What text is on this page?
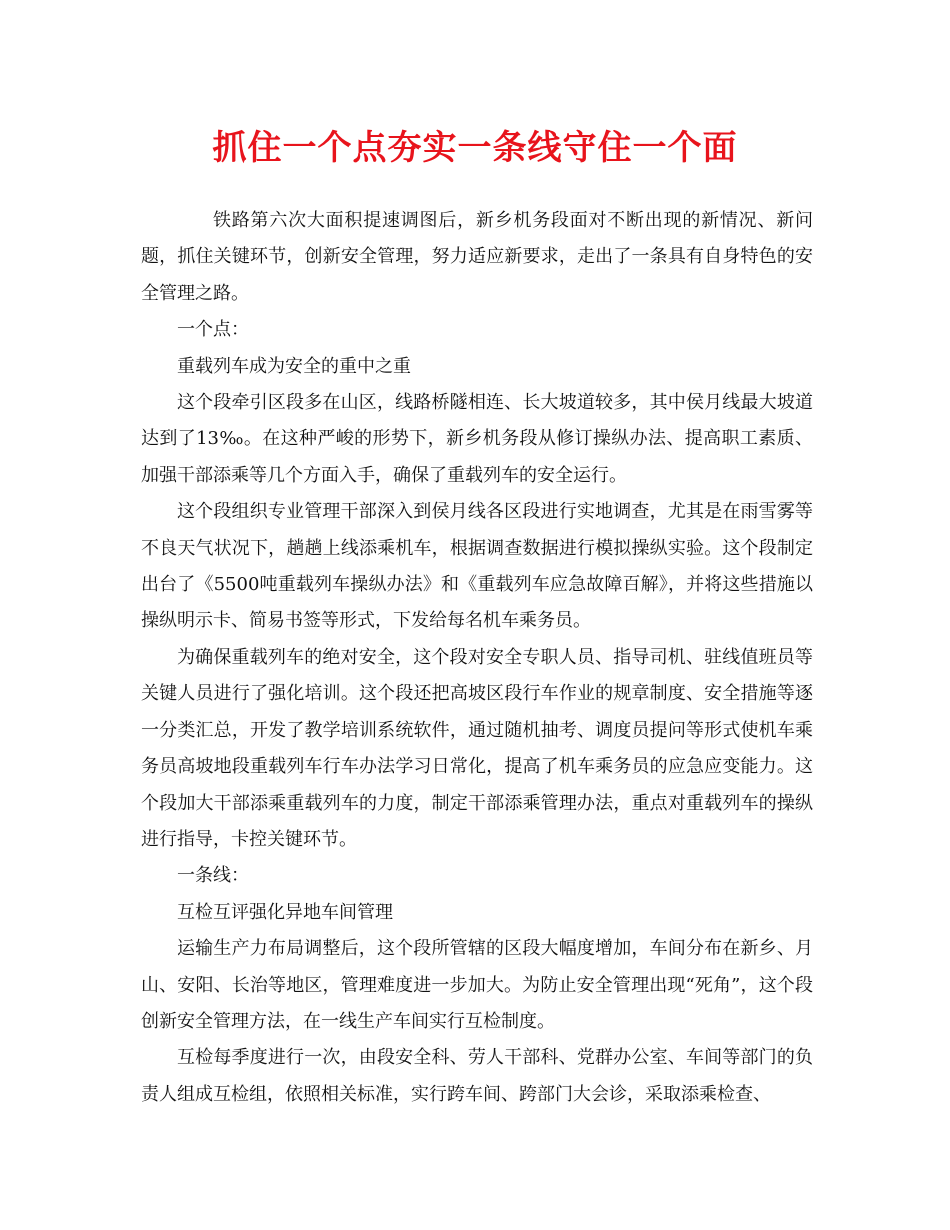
抓住一个点夯实一条线守住一个面

铁路第六次大面积提速调图后，新乡机务段面对不断出现的新情况、新问题，抓住关键环节，创新安全管理，努力适应新要求，走出了一条具有自身特色的安全管理之路。

一个点：

重载列车成为安全的重中之重

这个段牵引区段多在山区，线路桥隧相连、长大坡道较多，其中侯月线最大坡道达到了13‰。在这种严峻的形势下，新乡机务段从修订操纵办法、提高职工素质、加强干部添乘等几个方面入手，确保了重载列车的安全运行。

这个段组织专业管理干部深入到侯月线各区段进行实地调查，尤其是在雨雪雾等不良天气状况下，趟趟上线添乘机车，根据调查数据进行模拟操纵实验。这个段制定出台了《5500吨重载列车操纵办法》和《重载列车应急故障百解》，并将这些措施以操纵明示卡、简易书签等形式，下发给每名机车乘务员。

为确保重载列车的绝对安全，这个段对安全专职人员、指导司机、驻线值班员等关键人员进行了强化培训。这个段还把高坡区段行车作业的规章制度、安全措施等逐一分类汇总，开发了教学培训系统软件，通过随机抽考、调度员提问等形式使机车乘务员高坡地段重载列车行车办法学习日常化，提高了机车乘务员的应急应变能力。这个段加大干部添乘重载列车的力度，制定干部添乘管理办法，重点对重载列车的操纵进行指导，卡控关键环节。

一条线：

互检互评强化异地车间管理

运输生产力布局调整后，这个段所管辖的区段大幅度增加，车间分布在新乡、月山、安阳、长治等地区，管理难度进一步加大。为防止安全管理出现“死角”，这个段创新安全管理方法，在一线生产车间实行互检制度。

互检每季度进行一次，由段安全科、劳人干部科、党群办公室、车间等部门的负责人组成互检组，依照相关标准，实行跨车间、跨部门大会诊，采取添乘检查、
